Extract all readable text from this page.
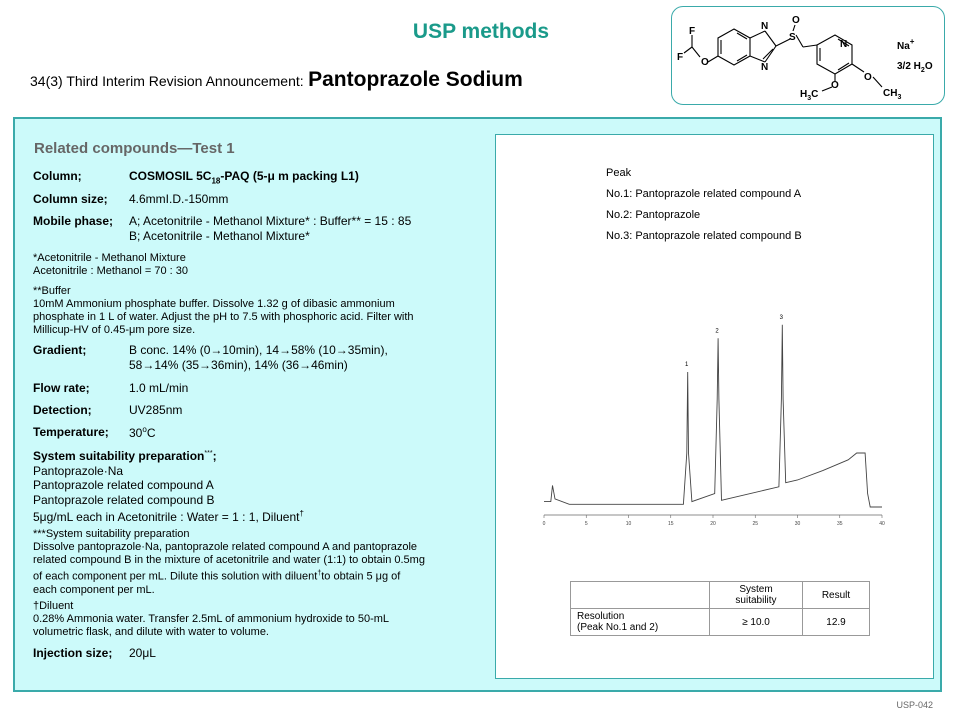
USP methods
34(3) Third Interim Revision Announcement: Pantoprazole Sodium
F
F O
N
N
S
O
N	Na+
3/2 $H_2O$
O
$H_3C$
O
$CH_3$
Related compounds—Test 1
Column;	COSMOSIL $5C_{18}$-PAQ (5-μ m packing L1)
Column size; 4.6mmI.D.-150mm
Mobile phase; A; Acetonitrile - Methanol Mixture* : Buffer** = 15 : 85
B; Acetonitrile - Methanol Mixture*
*Acetonitrile - Methanol Mixture
Acetonitrile : Methanol = 70 : 30
**Buffer
10mM Ammonium phosphate buffer. Dissolve 1.32 g of dibasic ammonium
phosphate in 1 L of water. Adjust the pH to 7.5 with phosphoric acid. Filter with
Millicup-HV of 0.45-μm pore size.
Gradient;	B conc. 14% (0→10min), 14→58% (10→35min),
58→14% (35→36min), 14% (36→46min)
Flow rate;	1.0 mL/min
Detection;	UV285nm
Temperature; 30$^o$C
System suitability preparation***;
Pantoprazole·Na
Pantoprazole related compound A
Pantoprazole related compound B
5μg/mL each in Acetonitrile : Water = 1 : 1, Diluent†
***System suitability preparation
Dissolve pantoprazole·Na, pantoprazole related compound A and pantoprazole
related compound B in the mixture of acetonitrile and water (1:1) to obtain 0.5mg
of each component per mL. Dilute this solution with diluent†to obtain 5 μg of
each component per mL.
†Diluent
0.28% Ammonia water. Transfer 2.5mL of ammonium hydroxide to 50-mL
volumetric flask, and dilute with water to volume.
Injection size; 20μL
Peak
No.1: Pantoprazole related compound A
No.2: Pantoprazole
No.3: Pantoprazole related compound B
0	5	10	15	20	25	30	35	40
1
2
3

	System
suitability	Result

Resolution
(Peak No.1 and 2)	≥ 10.0	12.9
USP-042
